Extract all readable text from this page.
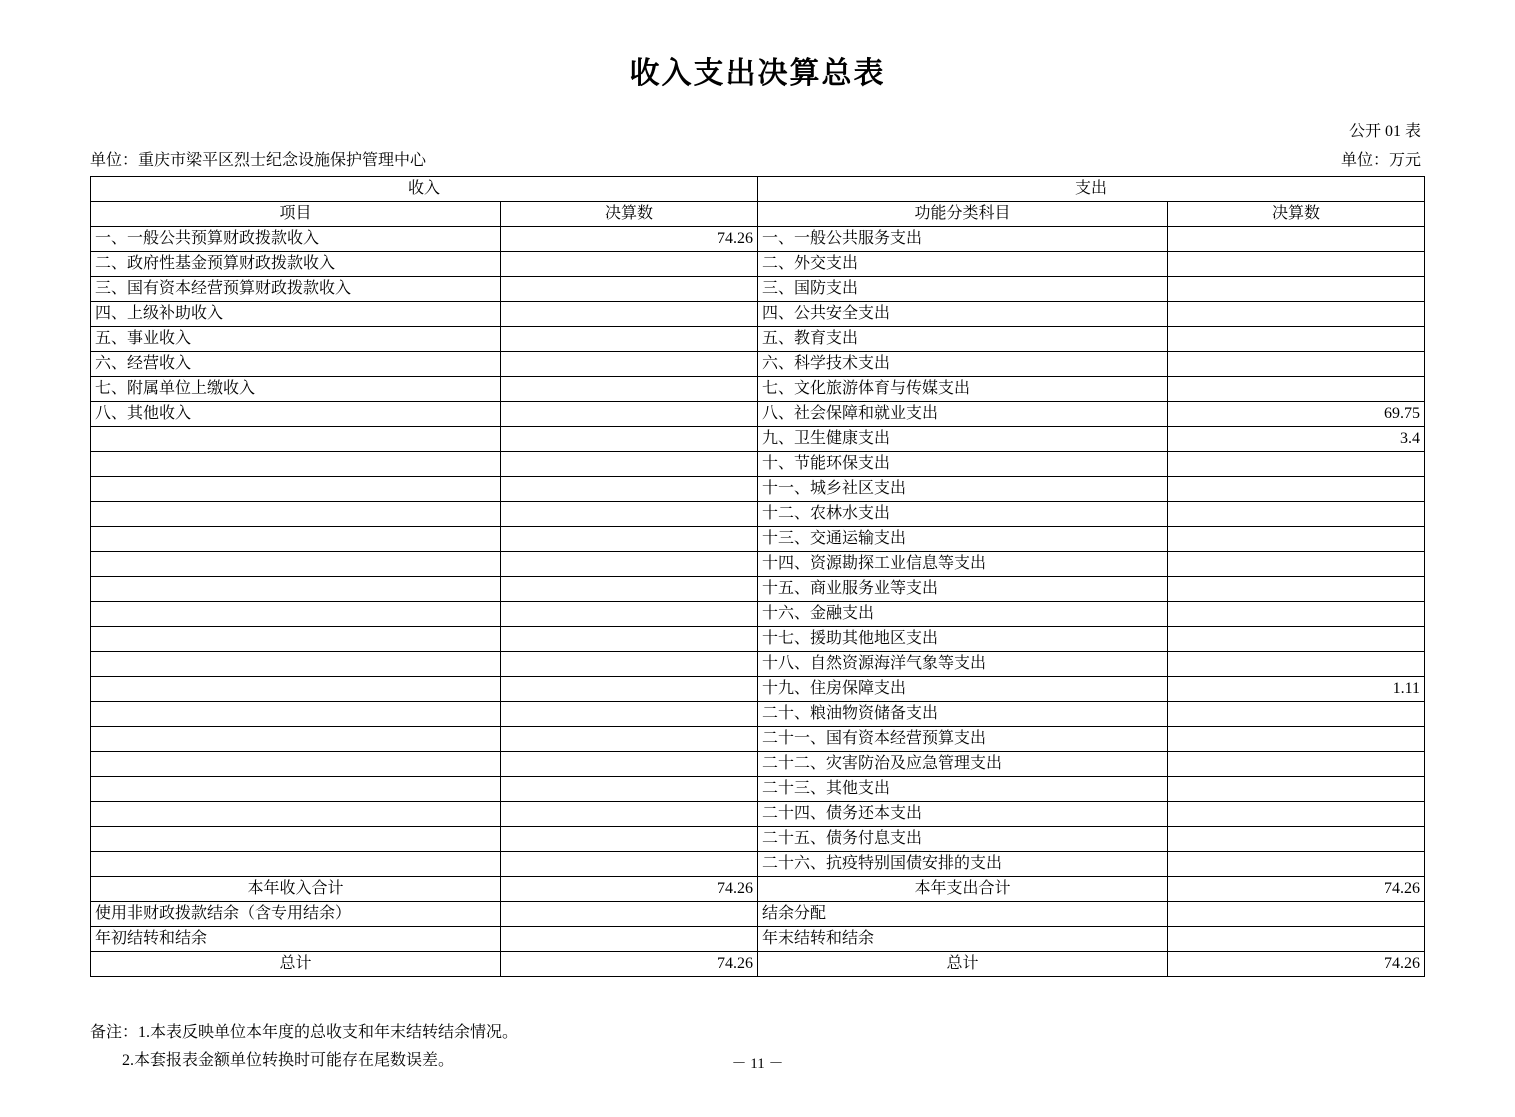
收入支出决算总表
公开 01 表
单位：重庆市梁平区烈士纪念设施保护管理中心	单位：万元
收入		支出	
项目	决算数	功能分类科目	决算数
一、一般公共预算财政拨款收入	74.26	一、一般公共服务支出	
二、政府性基金预算财政拨款收入		二、外交支出	
三、国有资本经营预算财政拨款收入		三、国防支出	
四、上级补助收入		四、公共安全支出	
五、事业收入		五、教育支出	
六、经营收入		六、科学技术支出	
七、附属单位上缴收入		七、文化旅游体育与传媒支出	
八、其他收入		八、社会保障和就业支出	69.75
		九、卫生健康支出	3.4
		十、节能环保支出	
		十一、城乡社区支出	
		十二、农林水支出	
		十三、交通运输支出	
		十四、资源勘探工业信息等支出	
		十五、商业服务业等支出	
		十六、金融支出	
		十七、援助其他地区支出	
		十八、自然资源海洋气象等支出	
		十九、住房保障支出	1.11
		二十、粮油物资储备支出	
		二十一、国有资本经营预算支出	
		二十二、灾害防治及应急管理支出	
		二十三、其他支出	
		二十四、债务还本支出	
		二十五、债务付息支出	
		二十六、抗疫特别国债安排的支出	
本年收入合计	74.26	本年支出合计	74.26
使用非财政拨款结余（含专用结余）		结余分配	
年初结转和结余		年末结转和结余	
总计	74.26	总计	74.26
备注：1.本表反映单位本年度的总收支和年末结转结余情况。
2.本套报表金额单位转换时可能存在尾数误差。	－ 11 －
